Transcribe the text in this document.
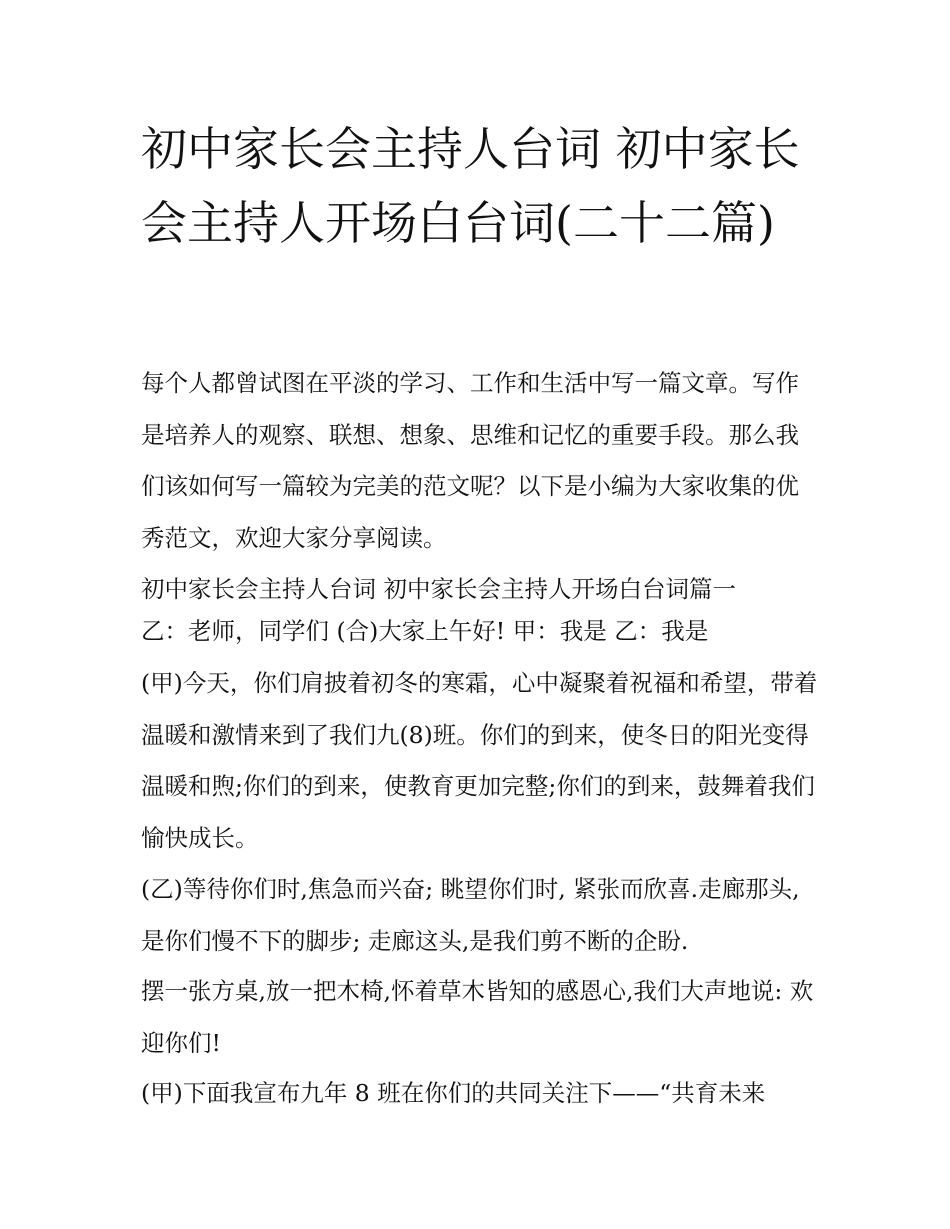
初中家长会主持人台词 初中家长会主持人开场白台词(二十二篇)

每个人都曾试图在平淡的学习、工作和生活中写一篇文章。写作是培养人的观察、联想、想象、思维和记忆的重要手段。那么我们该如何写一篇较为完美的范文呢？以下是小编为大家收集的优秀范文，欢迎大家分享阅读。

初中家长会主持人台词 初中家长会主持人开场白台词篇一

乙：老师，同学们 (合)大家上午好! 甲：我是 乙：我是

(甲)今天，你们肩披着初冬的寒霜，心中凝聚着祝福和希望，带着温暖和激情来到了我们九(8)班。你们的到来，使冬日的阳光变得温暖和煦;你们的到来，使教育更加完整;你们的到来，鼓舞着我们愉快成长。

(乙)等待你们时,焦急而兴奋; 眺望你们时, 紧张而欣喜.走廊那头,是你们慢不下的脚步; 走廊这头,是我们剪不断的企盼.

摆一张方桌,放一把木椅,怀着草木皆知的感恩心,我们大声地说: 欢迎你们!

(甲)下面我宣布九年 8 班在你们的共同关注下——“共育未来
